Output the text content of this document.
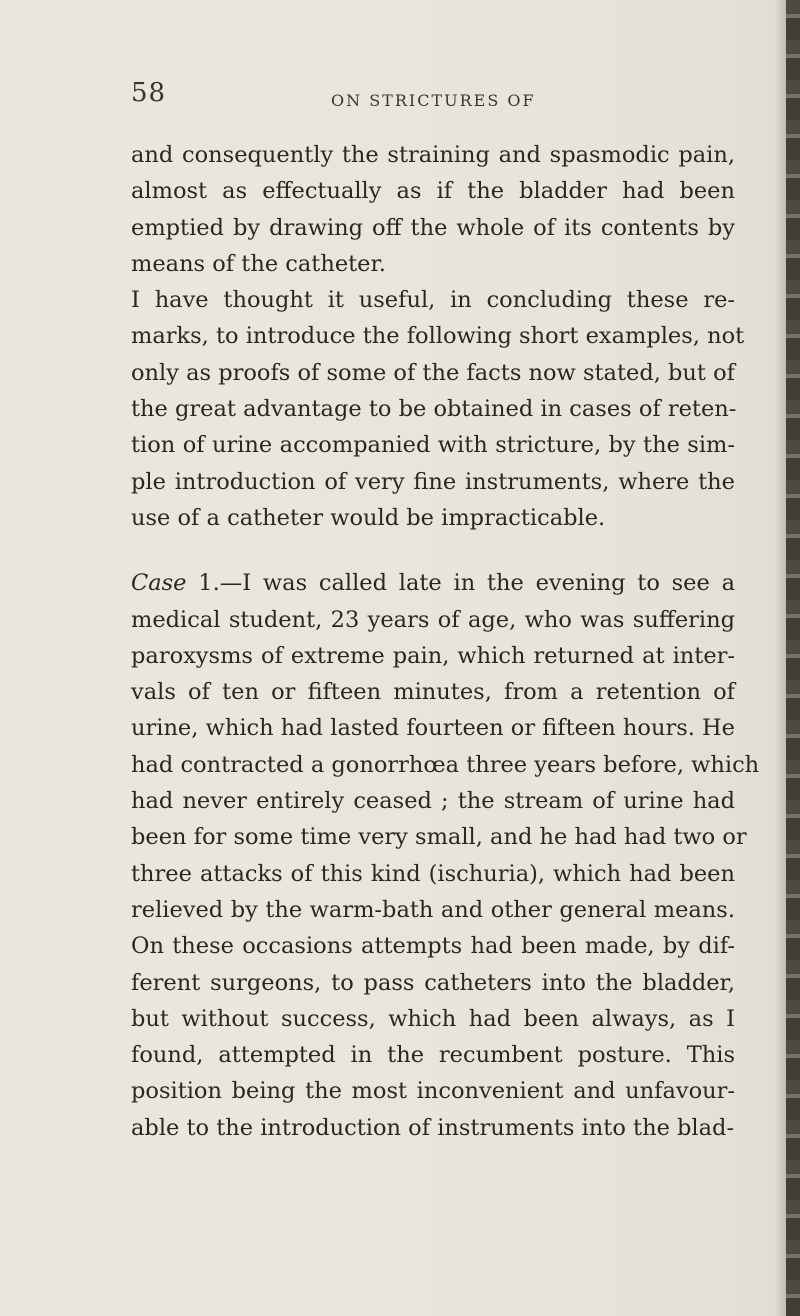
58	ON STRICTURES OF
and consequently the straining and spasmodic pain,
almost as effectually as if the bladder had been
emptied by drawing off the whole of its contents by
means of the catheter.
I have thought it useful, in concluding these re-
marks, to introduce the following short examples, not
only as proofs of some of the facts now stated, but of
the great advantage to be obtained in cases of reten-
tion of urine accompanied with stricture, by the sim-
ple introduction of very fine instruments, where the
use of a catheter would be impracticable.
Case 1.—I was called late in the evening to see a
medical student, 23 years of age, who was suffering
paroxysms of extreme pain, which returned at inter-
vals of ten or fifteen minutes, from a retention of
urine, which had lasted fourteen or fifteen hours. He
had contracted a gonorrhœa three years before, which
had never entirely ceased ; the stream of urine had
been for some time very small, and he had had two or
three attacks of this kind (ischuria), which had been
relieved by the warm-bath and other general means.
On these occasions attempts had been made, by dif-
ferent surgeons, to pass catheters into the bladder,
but without success, which had been always, as I
found, attempted in the recumbent posture. This
position being the most inconvenient and unfavour-
able to the introduction of instruments into the blad-
